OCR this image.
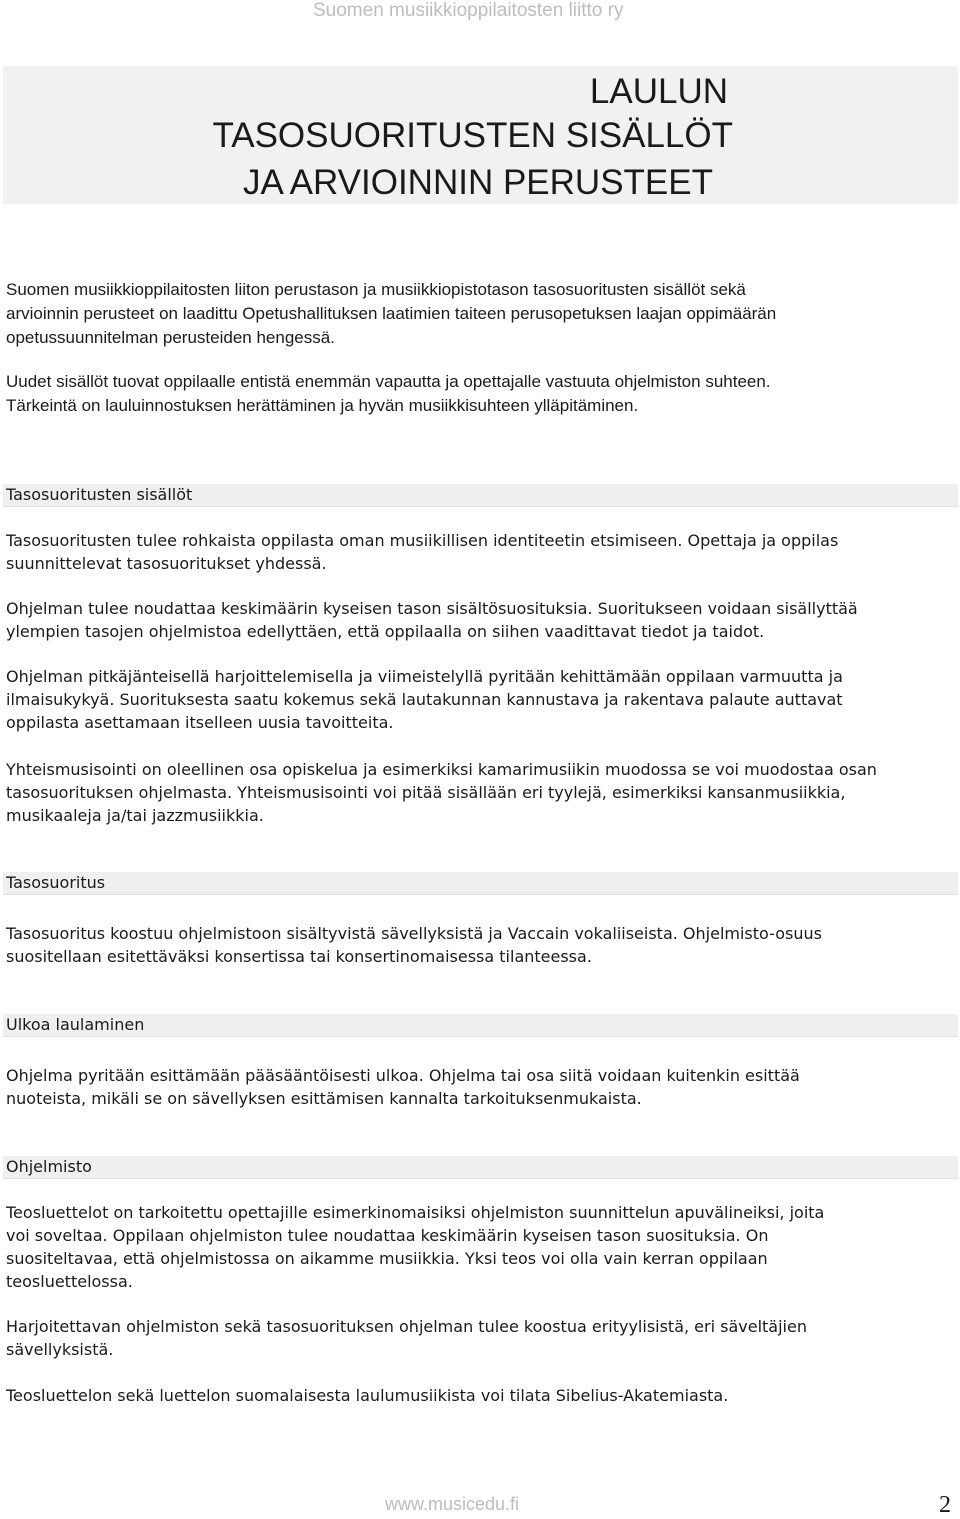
Suomen musiikkioppilaitosten liitto ry
LAULUN
TASOSUORITUSTEN SISÄLLÖT
JA ARVIOINNIN PERUSTEET
Suomen musiikkioppilaitosten liiton perustason ja musiikkiopistotason tasosuoritusten sisällöt sekä
arvioinnin perusteet on laadittu Opetushallituksen laatimien taiteen perusopetuksen laajan oppimäärän
opetussuunnitelman perusteiden hengessä.
Uudet sisällöt tuovat oppilaalle entistä enemmän vapautta ja opettajalle vastuuta ohjelmiston suhteen.
Tärkeintä on lauluinnostuksen herättäminen ja hyvän musiikkisuhteen ylläpitäminen.
Tasosuoritusten sisällöt
Tasosuoritusten tulee rohkaista oppilasta oman musiikillisen identiteetin etsimiseen. Opettaja ja oppilas
suunnittelevat tasosuoritukset yhdessä.
Ohjelman tulee noudattaa keskimäärin kyseisen tason sisältösuosituksia. Suoritukseen voidaan sisällyttää
ylempien tasojen ohjelmistoa edellyttäen, että oppilaalla on siihen vaadittavat tiedot ja taidot.
Ohjelman pitkäjänteisellä harjoittelemisella ja viimeistelyllä pyritään kehittämään oppilaan varmuutta ja
ilmaisukykyä. Suorituksesta saatu kokemus sekä lautakunnan kannustava ja rakentava palaute auttavat
oppilasta asettamaan itselleen uusia tavoitteita.
Yhteismusisointi on oleellinen osa opiskelua ja esimerkiksi kamarimusiikin muodossa se voi muodostaa osan
tasosuorituksen ohjelmasta. Yhteismusisointi voi pitää sisällään eri tyylejä, esimerkiksi kansanmusiikkia,
musikaaleja ja/tai jazzmusiikkia.
Tasosuoritus
Tasosuoritus koostuu ohjelmistoon sisältyvistä sävellyksistä ja Vaccain vokaliiseista. Ohjelmisto-osuus
suositellaan esitettäväksi konsertissa tai konsertinomaisessa tilanteessa.
Ulkoa laulaminen
Ohjelma pyritään esittämään pääsääntöisesti ulkoa. Ohjelma tai osa siitä voidaan kuitenkin esittää
nuoteista, mikäli se on sävellyksen esittämisen kannalta tarkoituksenmukaista.
Ohjelmisto
Teosluettelot on tarkoitettu opettajille esimerkinomaisiksi ohjelmiston suunnittelun apuvälineiksi, joita
voi soveltaa. Oppilaan ohjelmiston tulee noudattaa keskimäärin kyseisen tason suosituksia. On
suositeltavaa, että ohjelmistossa on aikamme musiikkia. Yksi teos voi olla vain kerran oppilaan
teosluettelossa.
Harjoitettavan ohjelmiston sekä tasosuorituksen ohjelman tulee koostua erityylisistä, eri säveltäjien
sävellyksistä.
Teosluettelon sekä luettelon suomalaisesta laulumusiikista voi tilata Sibelius-Akatemiasta.
www.musicedu.fi	2
